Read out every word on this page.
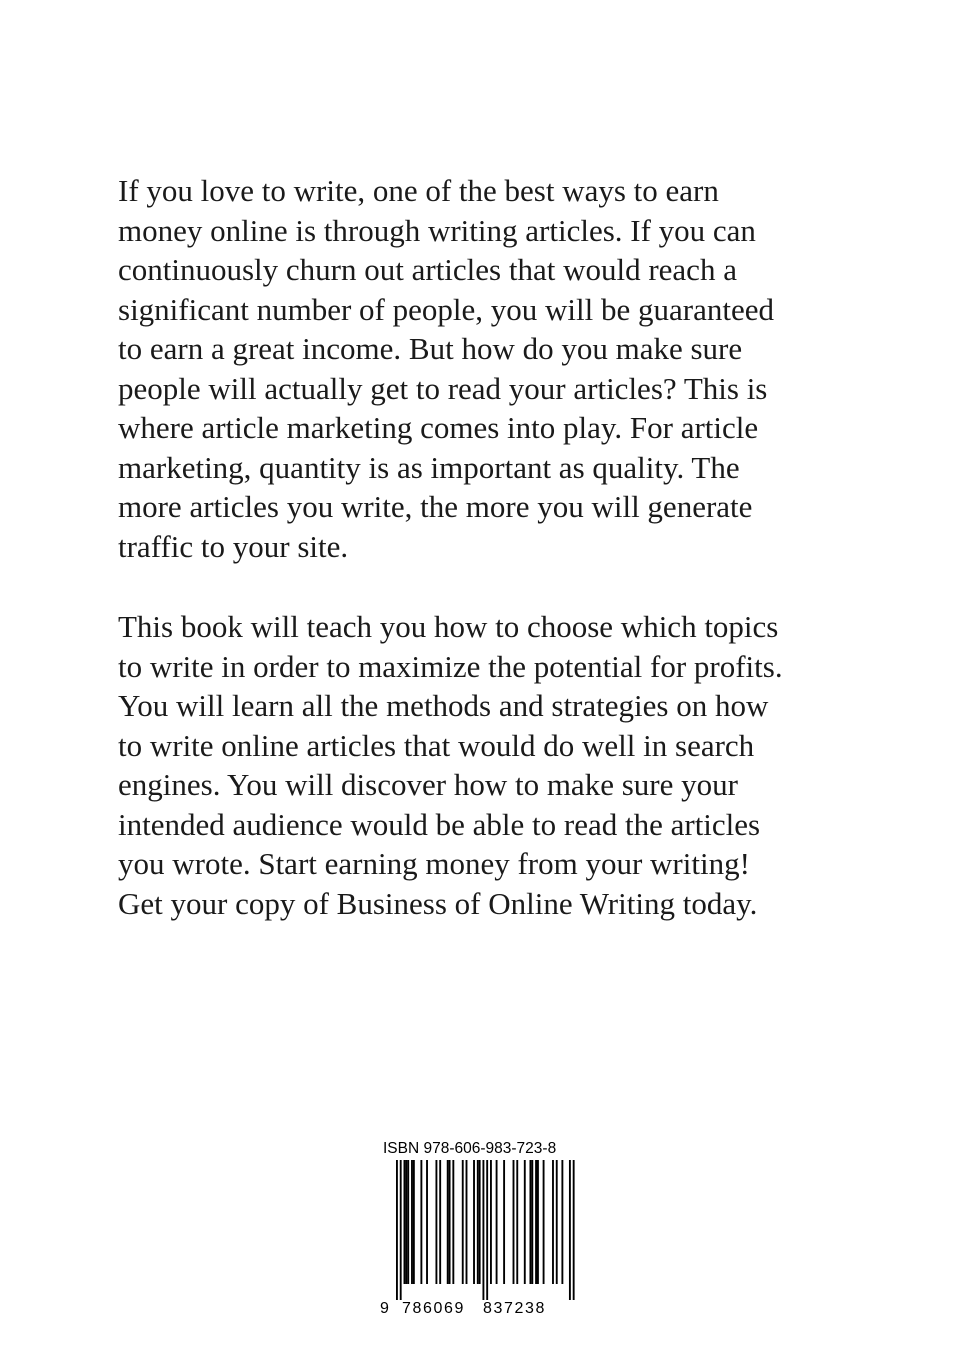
If you love to write, one of the best ways to earn
money online is through writing articles. If you can
continuously churn out articles that would reach a
significant number of people, you will be guaranteed
to earn a great income. But how do you make sure
people will actually get to read your articles? This is
where article marketing comes into play. For article
marketing, quantity is as important as quality. The
more articles you write, the more you will generate
traffic to your site.

This book will teach you how to choose which topics
to write in order to maximize the potential for profits.
You will learn all the methods and strategies on how
to write online articles that would do well in search
engines. You will discover how to make sure your
intended audience would be able to read the articles
you wrote. Start earning money from your writing!
Get your copy of Business of Online Writing today.

ISBN 978-606-983-723-8
9 786069 837238
